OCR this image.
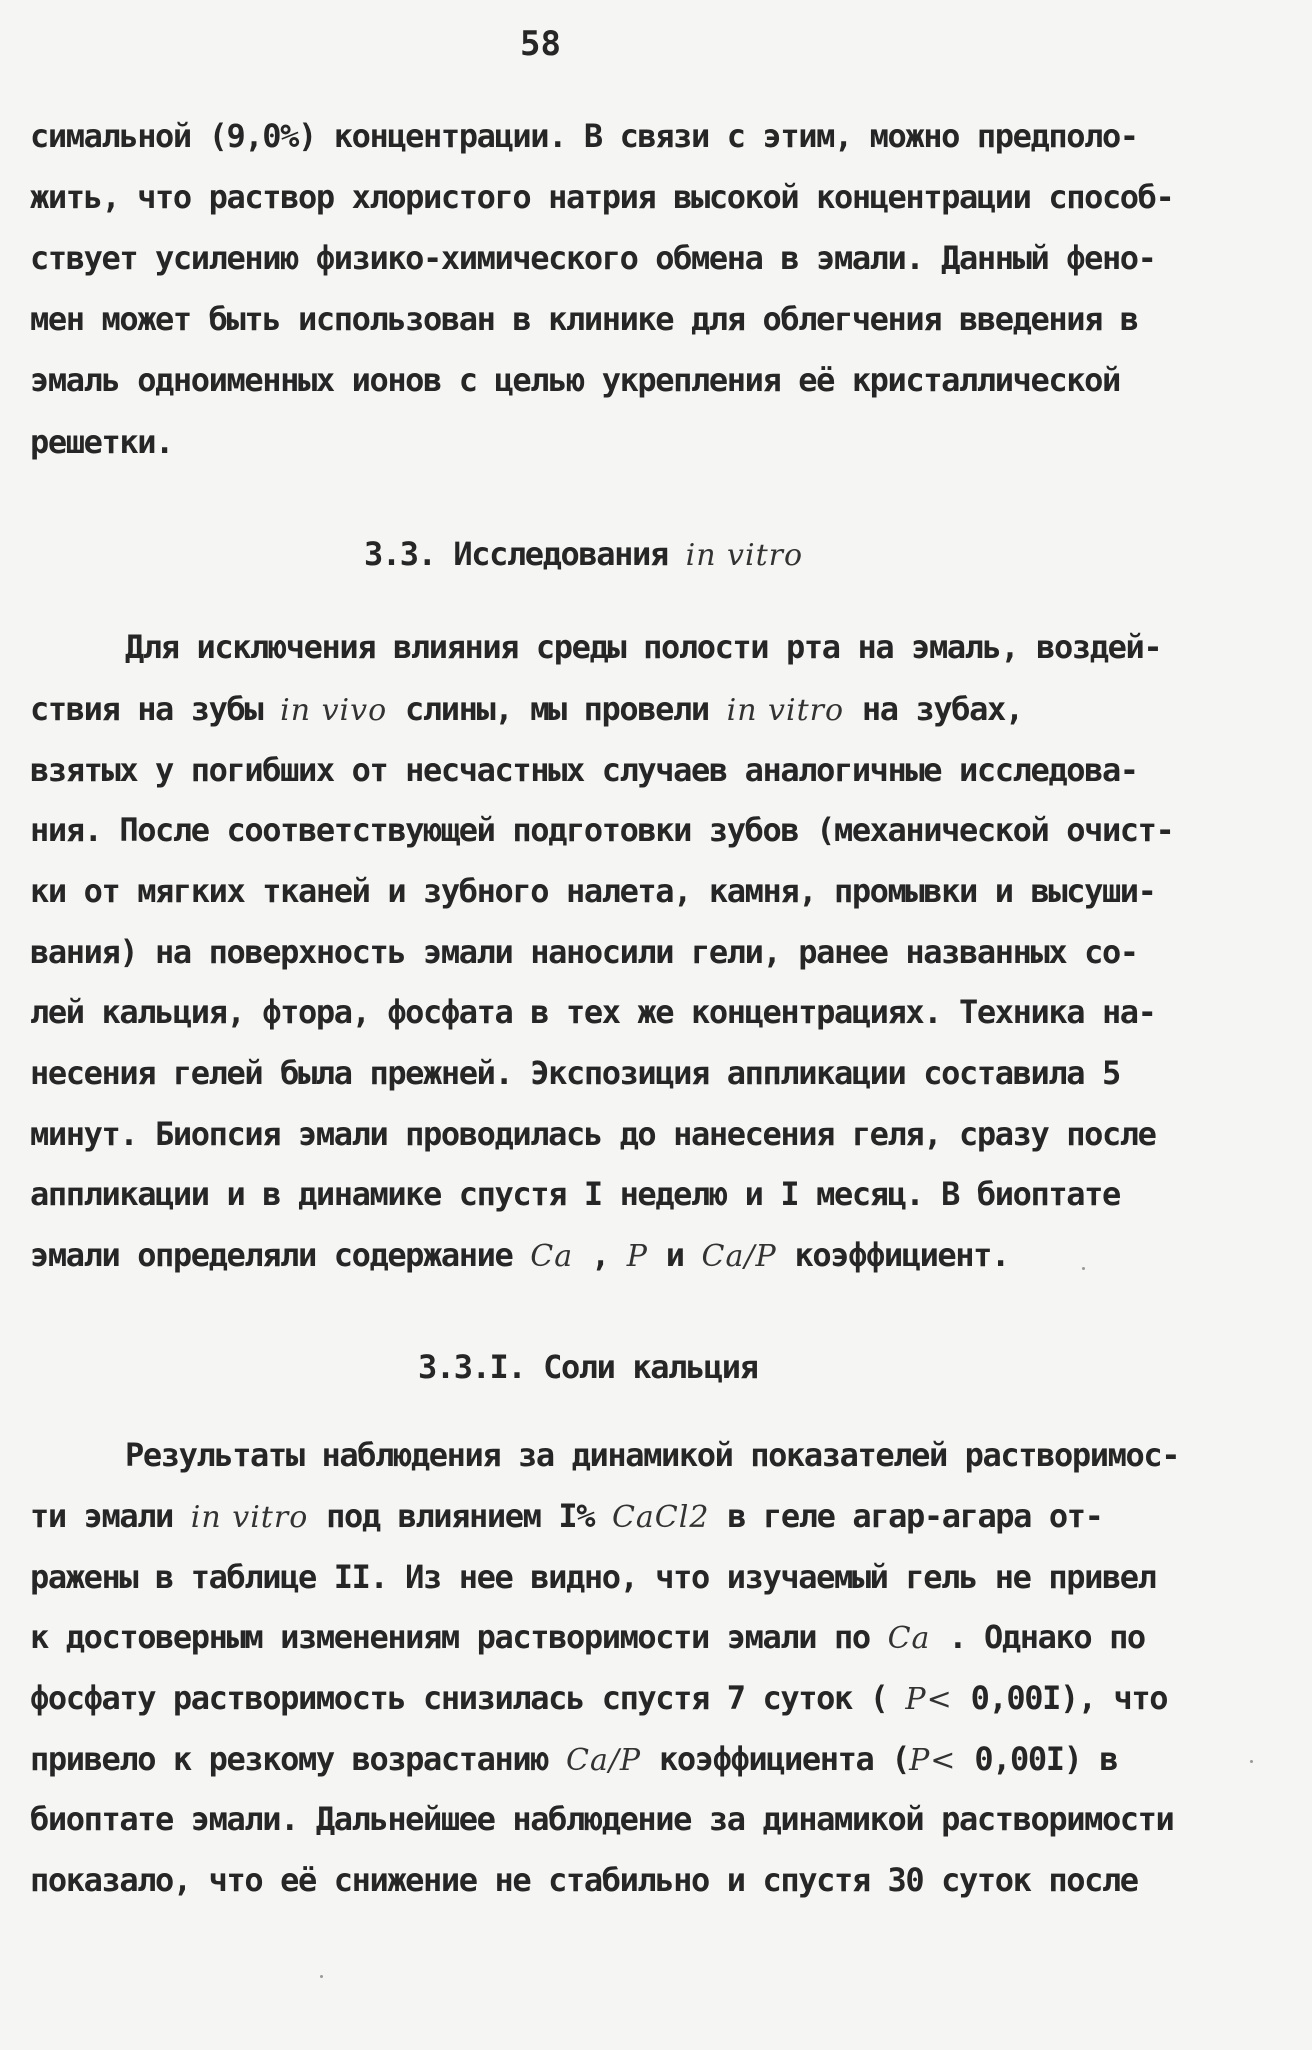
58
симальной (9,0%) концентрации. В связи с этим, можно предполо-
жить, что раствор хлористого натрия высокой концентрации способ-
ствует усилению физико-химического обмена в эмали. Данный фено-
мен может быть использован в клинике для облегчения введения в
эмаль одноименных ионов с целью укрепления её кристаллической
решетки.
3.3. Исследования in vitro
Для исключения влияния среды полости рта на эмаль, воздей-
ствия на зубы in vivo слины, мы провели in vitro на зубах,
взятых у погибших от несчастных случаев аналогичные исследова-
ния. После соответствующей подготовки зубов (механической очист-
ки от мягких тканей и зубного налета, камня, промывки и высуши-
вания) на поверхность эмали наносили гели, ранее названных со-
лей кальция, фтора, фосфата в тех же концентрациях. Техника на-
несения гелей была прежней. Экспозиция аппликации составила 5
минут. Биопсия эмали проводилась до нанесения геля, сразу после
аппликации и в динамике спустя I неделю и I месяц. В биоптате
эмали определяли содержание Ca , P и Ca/P коэффициент.
3.3.I. Соли кальция
Результаты наблюдения за динамикой показателей растворимос-
ти эмали in vitro под влиянием I% CaCl2 в геле агар-агара от-
ражены в таблице II. Из нее видно, что изучаемый гель не привел
к достоверным изменениям растворимости эмали по Ca . Однако по
фосфату растворимость снизилась спустя 7 суток ( P< 0,00I), что
привело к резкому возрастанию Ca/P коэффициента (P< 0,00I) в
биоптате эмали. Дальнейшее наблюдение за динамикой растворимости
показало, что её снижение не стабильно и спустя 30 суток после
